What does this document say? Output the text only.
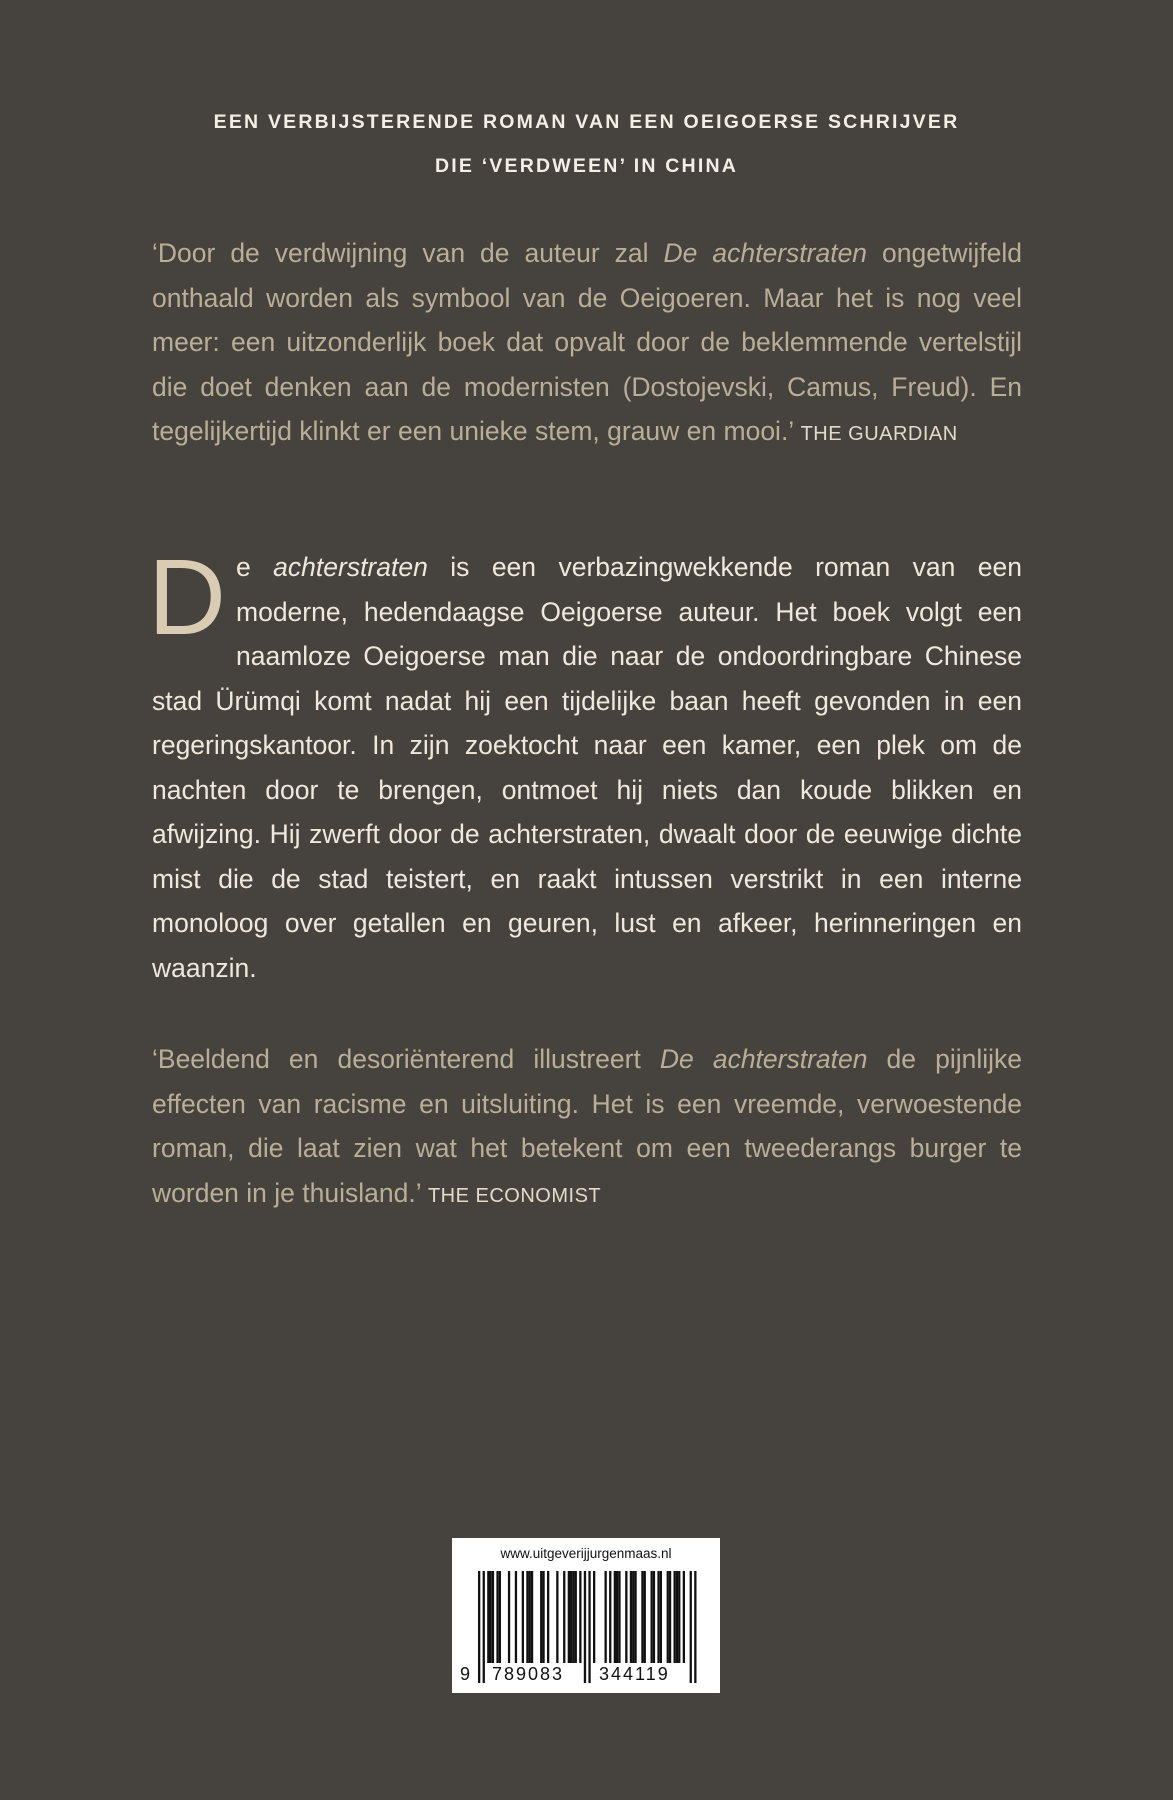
EEN VERBIJSTERENDE ROMAN VAN EEN OEIGOERSE SCHRIJVER
DIE ‘VERDWEEN’ IN CHINA
‘Door de verdwijning van de auteur zal De achterstraten ongetwijfeld onthaald worden als symbool van de Oeigoeren. Maar het is nog veel meer: een uitzonderlijk boek dat opvalt door de beklemmende vertelstijl die doet denken aan de modernisten (Dostojevski, Camus, Freud). En tegelijkertijd klinkt er een unieke stem, grauw en mooi.’ THE GUARDIAN
De achterstraten is een verbazingwekkende roman van een moderne, hedendaagse Oeigoerse auteur. Het boek volgt een naamloze Oeigoerse man die naar de ondoordringbare Chinese stad Ürümqi komt nadat hij een tijdelijke baan heeft gevonden in een regeringskantoor. In zijn zoektocht naar een kamer, een plek om de nachten door te brengen, ontmoet hij niets dan koude blikken en afwijzing. Hij zwerft door de achterstraten, dwaalt door de eeuwige dichte mist die de stad teistert, en raakt intussen verstrikt in een interne monoloog over getallen en geuren, lust en afkeer, herinneringen en waanzin.
‘Beeldend en desoriënterend illustreert De achterstraten de pijnlijke effecten van racisme en uitsluiting. Het is een vreemde, verwoestende roman, die laat zien wat het betekent om een tweederangs burger te worden in je thuisland.’ THE ECONOMIST
www.uitgeverijjurgenmaas.nl
9 789083 344119
